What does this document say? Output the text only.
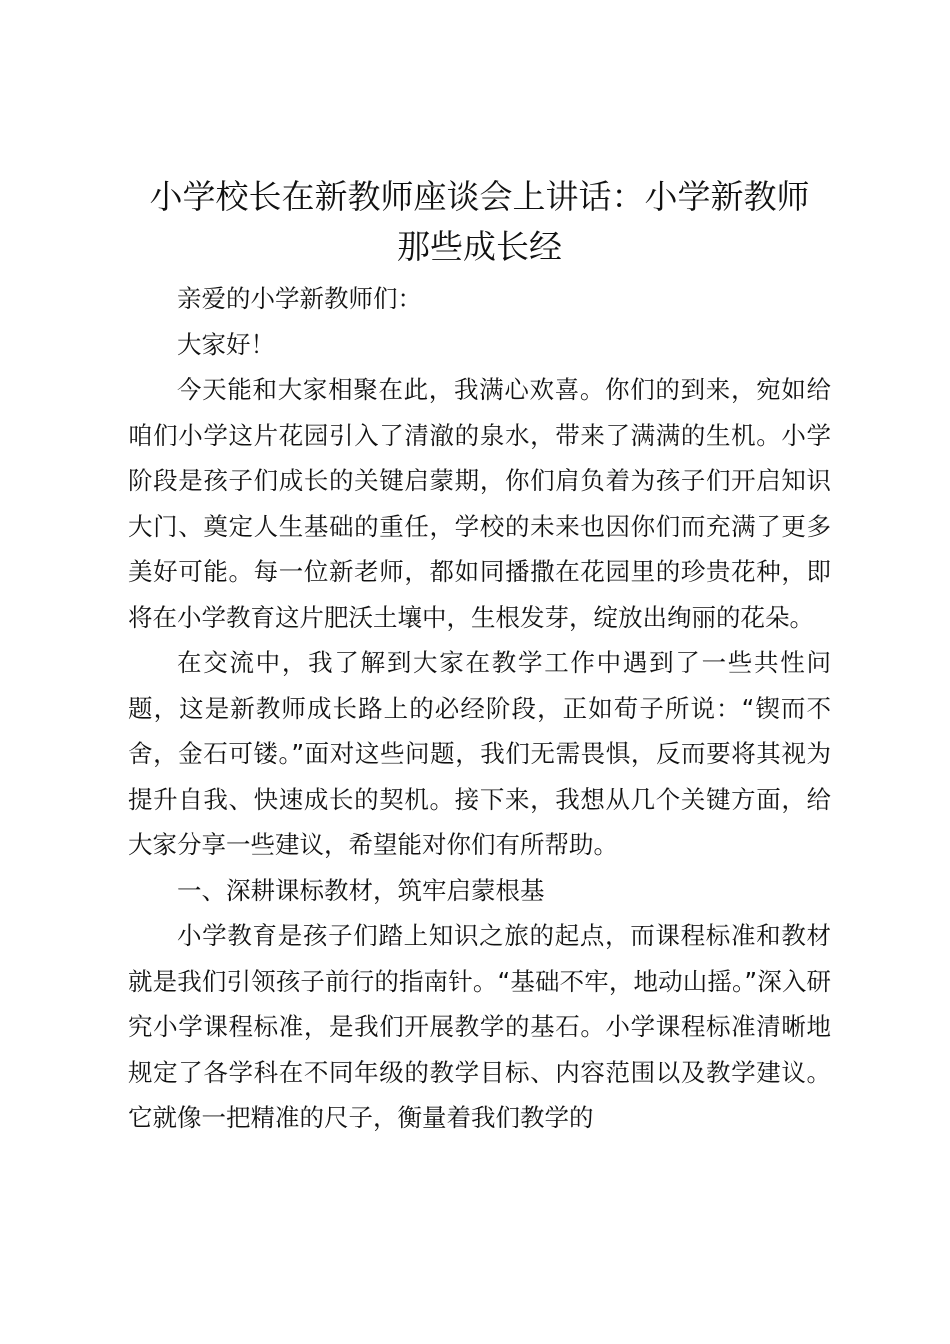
小学校长在新教师座谈会上讲话：小学新教师
那些成长经

亲爱的小学新教师们：

大家好！

今天能和大家相聚在此，我满心欢喜。你们的到来，宛如给咱们小学这片花园引入了清澈的泉水，带来了满满的生机。小学阶段是孩子们成长的关键启蒙期，你们肩负着为孩子们开启知识大门、奠定人生基础的重任，学校的未来也因你们而充满了更多美好可能。每一位新老师，都如同播撒在花园里的珍贵花种，即将在小学教育这片肥沃土壤中，生根发芽，绽放出绚丽的花朵。

在交流中，我了解到大家在教学工作中遇到了一些共性问题，这是新教师成长路上的必经阶段，正如荀子所说：“锲而不舍，金石可镂。”面对这些问题，我们无需畏惧，反而要将其视为提升自我、快速成长的契机。接下来，我想从几个关键方面，给大家分享一些建议，希望能对你们有所帮助。

一、深耕课标教材，筑牢启蒙根基

小学教育是孩子们踏上知识之旅的起点，而课程标准和教材就是我们引领孩子前行的指南针。“基础不牢，地动山摇。”深入研究小学课程标准，是我们开展教学的基石。小学课程标准清晰地规定了各学科在不同年级的教学目标、内容范围以及教学建议。它就像一把精准的尺子，衡量着我们教学的
